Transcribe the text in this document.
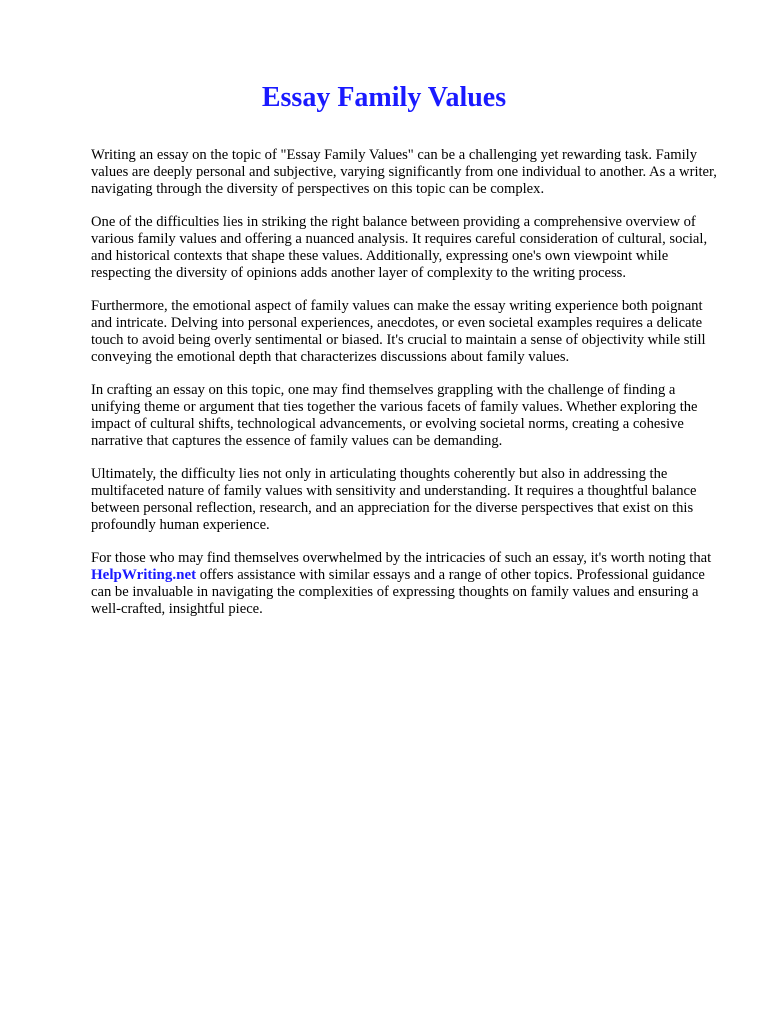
Essay Family Values

Writing an essay on the topic of "Essay Family Values" can be a challenging yet rewarding task. Family values are deeply personal and subjective, varying significantly from one individual to another. As a writer, navigating through the diversity of perspectives on this topic can be complex.

One of the difficulties lies in striking the right balance between providing a comprehensive overview of various family values and offering a nuanced analysis. It requires careful consideration of cultural, social, and historical contexts that shape these values. Additionally, expressing one's own viewpoint while respecting the diversity of opinions adds another layer of complexity to the writing process.

Furthermore, the emotional aspect of family values can make the essay writing experience both poignant and intricate. Delving into personal experiences, anecdotes, or even societal examples requires a delicate touch to avoid being overly sentimental or biased. It's crucial to maintain a sense of objectivity while still conveying the emotional depth that characterizes discussions about family values.

In crafting an essay on this topic, one may find themselves grappling with the challenge of finding a unifying theme or argument that ties together the various facets of family values. Whether exploring the impact of cultural shifts, technological advancements, or evolving societal norms, creating a cohesive narrative that captures the essence of family values can be demanding.

Ultimately, the difficulty lies not only in articulating thoughts coherently but also in addressing the multifaceted nature of family values with sensitivity and understanding. It requires a thoughtful balance between personal reflection, research, and an appreciation for the diverse perspectives that exist on this profoundly human experience.

For those who may find themselves overwhelmed by the intricacies of such an essay, it's worth noting that HelpWriting.net offers assistance with similar essays and a range of other topics. Professional guidance can be invaluable in navigating the complexities of expressing thoughts on family values and ensuring a well-crafted, insightful piece.
